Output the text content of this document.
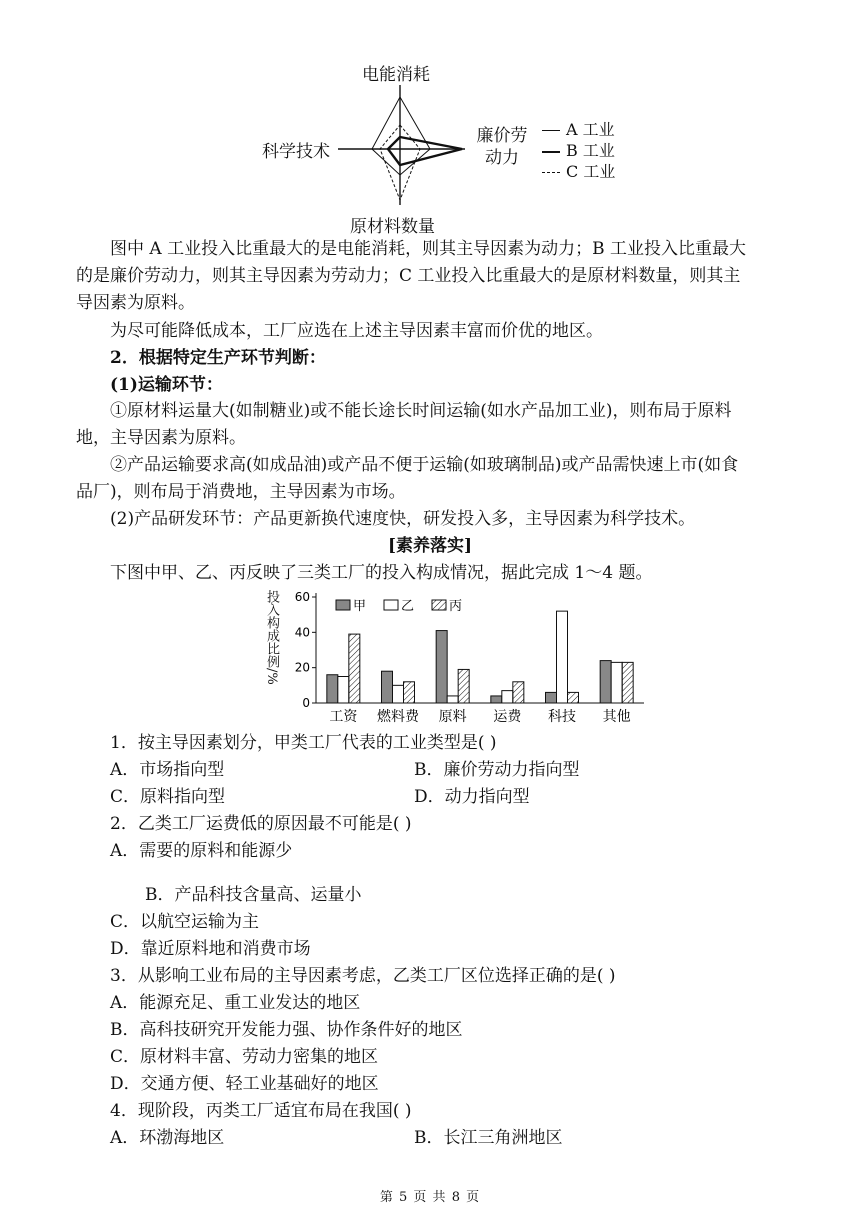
电能消耗
科学技术
廉价劳动力
原材料数量
A 工业
B 工业
C 工业
图中 A 工业投入比重最大的是电能消耗，则其主导因素为动力；B 工业投入比重最大
的是廉价劳动力，则其主导因素为劳动力；C 工业投入比重最大的是原材料数量，则其主
导因素为原料。
为尽可能降低成本，工厂应选在上述主导因素丰富而价优的地区。
2．根据特定生产环节判断：
(1)运输环节：
①原材料运量大(如制糖业)或不能长途长时间运输(如水产品加工业)，则布局于原料
地，主导因素为原料。
②产品运输要求高(如成品油)或产品不便于运输(如玻璃制品)或产品需快速上市(如食
品厂)，则布局于消费地，主导因素为市场。
(2)产品研发环节：产品更新换代速度快，研发投入多，主导因素为科学技术。
[素养落实]
下图中甲、乙、丙反映了三类工厂的投入构成情况，据此完成 1～4 题。
投入构成比例/%
0
20
40
60
工资 燃料费 原料 运费 科技 其他
甲	乙	丙
1．按主导因素划分，甲类工厂代表的工业类型是( )
A．市场指向型	B．廉价劳动力指向型
C．原料指向型	D．动力指向型
2．乙类工厂运费低的原因最不可能是( )
A．需要的原料和能源少
B．产品科技含量高、运量小
C．以航空运输为主
D．靠近原料地和消费市场
3．从影响工业布局的主导因素考虑，乙类工厂区位选择正确的是( )
A．能源充足、重工业发达的地区
B．高科技研究开发能力强、协作条件好的地区
C．原材料丰富、劳动力密集的地区
D．交通方便、轻工业基础好的地区
4．现阶段，丙类工厂适宜布局在我国( )
A．环渤海地区	B．长江三角洲地区
第 5 页 共 8 页
